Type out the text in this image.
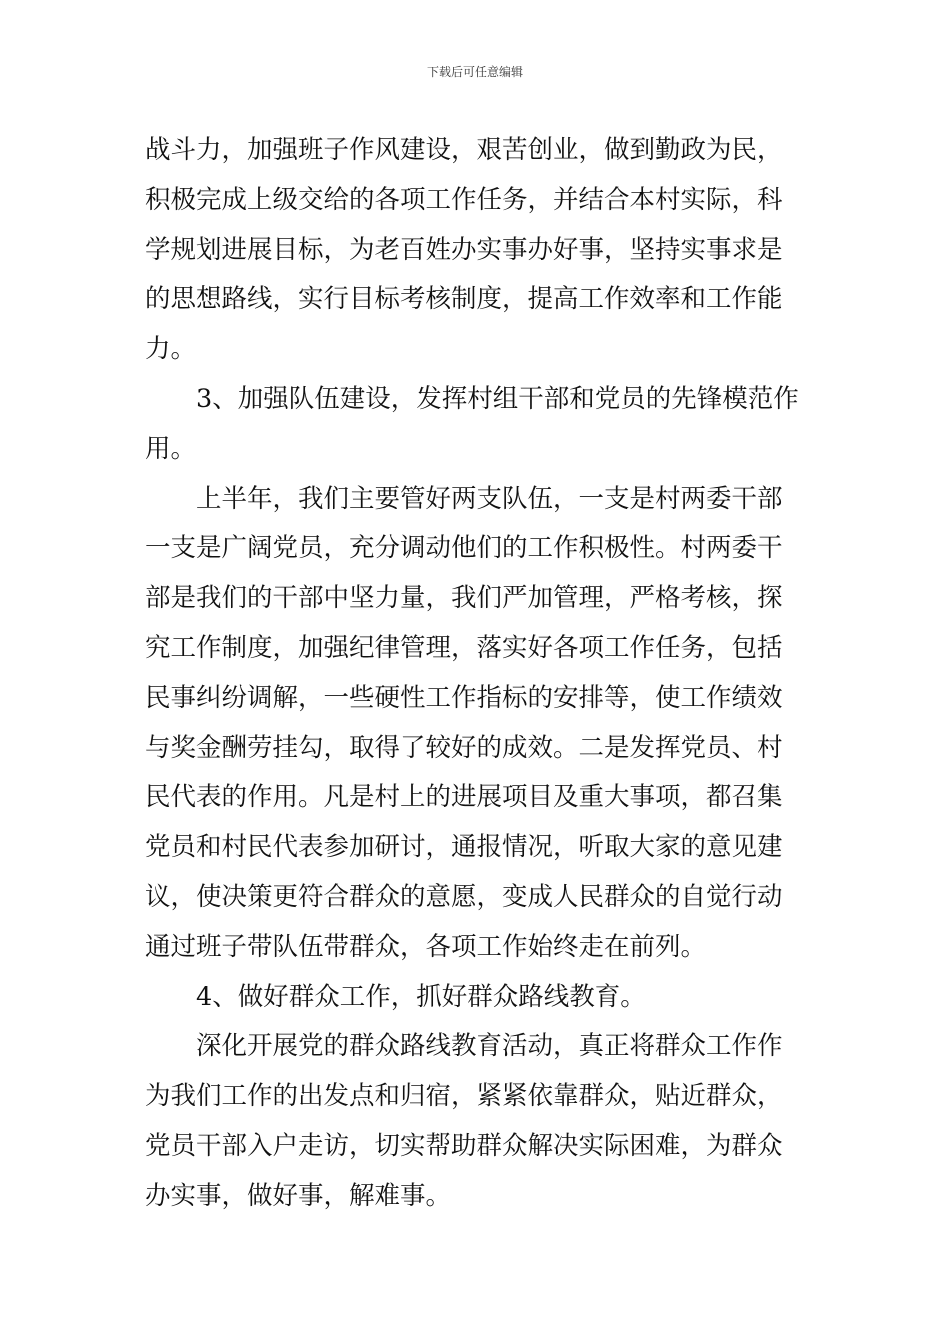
下载后可任意编辑
战斗力，加强班子作风建设，艰苦创业，做到勤政为民，
积极完成上级交给的各项工作任务，并结合本村实际，科
学规划进展目标，为老百姓办实事办好事，坚持实事求是
的思想路线，实行目标考核制度，提高工作效率和工作能
力。
3、加强队伍建设，发挥村组干部和党员的先锋模范作
用。
上半年，我们主要管好两支队伍，一支是村两委干部
一支是广阔党员，充分调动他们的工作积极性。村两委干
部是我们的干部中坚力量，我们严加管理，严格考核，探
究工作制度，加强纪律管理，落实好各项工作任务，包括
民事纠纷调解，一些硬性工作指标的安排等，使工作绩效
与奖金酬劳挂勾，取得了较好的成效。二是发挥党员、村
民代表的作用。凡是村上的进展项目及重大事项，都召集
党员和村民代表参加研讨，通报情况，听取大家的意见建
议，使决策更符合群众的意愿，变成人民群众的自觉行动
通过班子带队伍带群众，各项工作始终走在前列。
4、做好群众工作，抓好群众路线教育。
深化开展党的群众路线教育活动，真正将群众工作作
为我们工作的出发点和归宿，紧紧依靠群众，贴近群众，
党员干部入户走访，切实帮助群众解决实际困难，为群众
办实事，做好事，解难事。
